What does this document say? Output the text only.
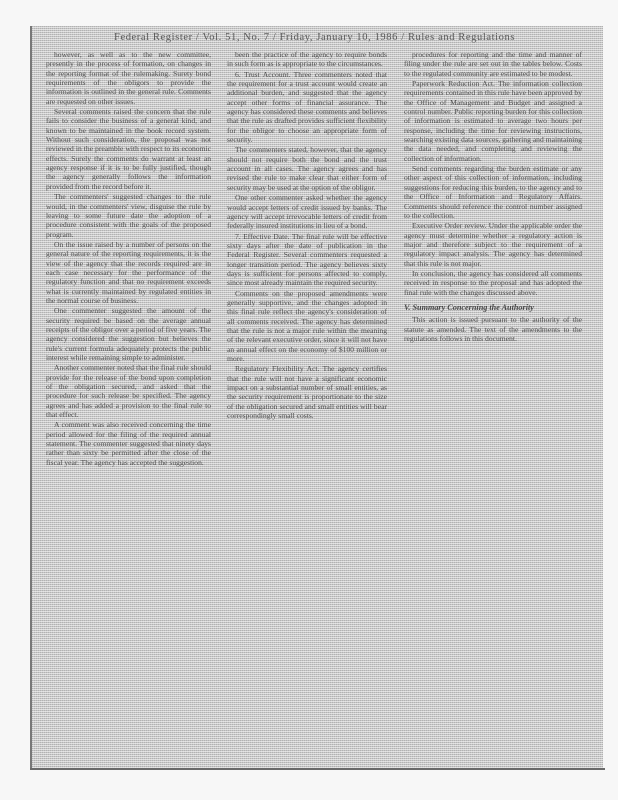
Federal Register / Vol. 51, No. 7 / Friday, January 10, 1986 / Rules and Regulations

however, as well as to the new committee, presently in the process of formation, on changes in the reporting format of the rulemaking. Surety bond requirements of the obligors to provide the information is outlined in the general rule. Comments are requested on other issues.

Several comments raised the concern that the rule fails to consider the business of a general kind, and known to be maintained in the book record system. Without such consideration, the proposal was not reviewed in the preamble with respect to its economic effects. Surely the comments do warrant at least an agency response if it is to be fully justified, though the agency generally follows the information provided from the record before it.

The commenters' suggested changes to the rule would, in the commenters' view, disguise the rule by leaving to some future date the adoption of a procedure consistent with the goals of the proposed program.

On the issue raised by a number of persons on the general nature of the reporting requirements, it is the view of the agency that the records required are in each case necessary for the performance of the regulatory function and that no requirement exceeds what is currently maintained by regulated entities in the normal course of business.

One commenter suggested the amount of the security required be based on the average annual receipts of the obligor over a period of five years. The agency considered the suggestion but believes the rule's current formula adequately protects the public interest while remaining simple to administer.

Another commenter noted that the final rule should provide for the release of the bond upon completion of the obligation secured, and asked that the procedure for such release be specified. The agency agrees and has added a provision to the final rule to that effect.

A comment was also received concerning the time period allowed for the filing of the required annual statement. The commenter suggested that ninety days rather than sixty be permitted after the close of the fiscal year. The agency has accepted the suggestion.

been the practice of the agency to require bonds in such form as is appropriate to the circumstances.

6. Trust Account. Three commenters noted that the requirement for a trust account would create an additional burden, and suggested that the agency accept other forms of financial assurance. The agency has considered these comments and believes that the rule as drafted provides sufficient flexibility for the obligor to choose an appropriate form of security.

The commenters stated, however, that the agency should not require both the bond and the trust account in all cases. The agency agrees and has revised the rule to make clear that either form of security may be used at the option of the obligor.

One other commenter asked whether the agency would accept letters of credit issued by banks. The agency will accept irrevocable letters of credit from federally insured institutions in lieu of a bond.

7. Effective Date. The final rule will be effective sixty days after the date of publication in the Federal Register. Several commenters requested a longer transition period. The agency believes sixty days is sufficient for persons affected to comply, since most already maintain the required security.

Comments on the proposed amendments were generally supportive, and the changes adopted in this final rule reflect the agency's consideration of all comments received. The agency has determined that the rule is not a major rule within the meaning of the relevant executive order, since it will not have an annual effect on the economy of $100 million or more.

Regulatory Flexibility Act. The agency certifies that the rule will not have a significant economic impact on a substantial number of small entities, as the security requirement is proportionate to the size of the obligation secured and small entities will bear correspondingly small costs.

procedures for reporting and the time and manner of filing under the rule are set out in the tables below. Costs to the regulated community are estimated to be modest.

Paperwork Reduction Act. The information collection requirements contained in this rule have been approved by the Office of Management and Budget and assigned a control number. Public reporting burden for this collection of information is estimated to average two hours per response, including the time for reviewing instructions, searching existing data sources, gathering and maintaining the data needed, and completing and reviewing the collection of information.

Send comments regarding the burden estimate or any other aspect of this collection of information, including suggestions for reducing this burden, to the agency and to the Office of Information and Regulatory Affairs. Comments should reference the control number assigned to the collection.

Executive Order review. Under the applicable order the agency must determine whether a regulatory action is major and therefore subject to the requirement of a regulatory impact analysis. The agency has determined that this rule is not major.

In conclusion, the agency has considered all comments received in response to the proposal and has adopted the final rule with the changes discussed above.

V. Summary Concerning the Authority

This action is issued pursuant to the authority of the statute as amended. The text of the amendments to the regulations follows in this document.
